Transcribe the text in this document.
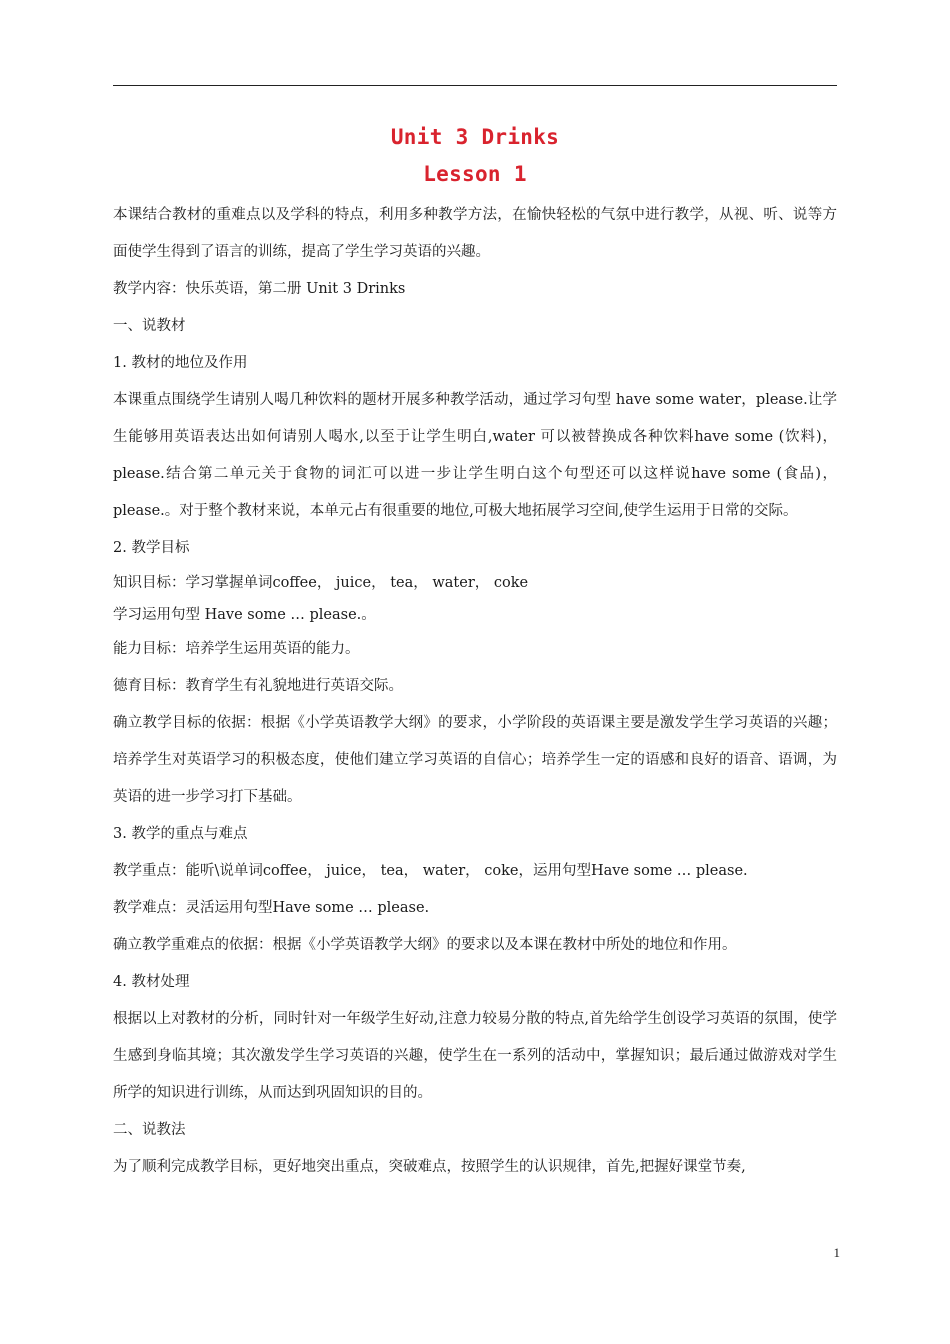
Unit 3 Drinks
Lesson 1

本课结合教材的重难点以及学科的特点，利用多种教学方法，在愉快轻松的气氛中进行教学，从视、听、说等方面使学生得到了语言的训练，提高了学生学习英语的兴趣。

教学内容：快乐英语，第二册 Unit 3 Drinks

一、说教材

1. 教材的地位及作用

本课重点围绕学生请别人喝几种饮料的题材开展多种教学活动，通过学习句型 have some water，please.让学生能够用英语表达出如何请别人喝水,以至于让学生明白,water 可以被替换成各种饮料have some (饮料)，please.结合第二单元关于食物的词汇可以进一步让学生明白这个句型还可以这样说have some (食品)，please.。对于整个教材来说，本单元占有很重要的地位,可极大地拓展学习空间,使学生运用于日常的交际。

2. 教学目标

知识目标：学习掌握单词coffee， juice， tea， water， coke

学习运用句型 Have some … please.。

能力目标：培养学生运用英语的能力。

德育目标：教育学生有礼貌地进行英语交际。

确立教学目标的依据：根据《小学英语教学大纲》的要求，小学阶段的英语课主要是激发学生学习英语的兴趣；培养学生对英语学习的积极态度，使他们建立学习英语的自信心；培养学生一定的语感和良好的语音、语调，为英语的进一步学习打下基础。

3. 教学的重点与难点

教学重点：能听\说单词coffee， juice， tea， water， coke，运用句型Have some … please.

教学难点：灵活运用句型Have some … please.

确立教学重难点的依据：根据《小学英语教学大纲》的要求以及本课在教材中所处的地位和作用。

4. 教材处理

根据以上对教材的分析，同时针对一年级学生好动,注意力较易分散的特点,首先给学生创设学习英语的氛围，使学生感到身临其境；其次激发学生学习英语的兴趣，使学生在一系列的活动中，掌握知识；最后通过做游戏对学生所学的知识进行训练，从而达到巩固知识的目的。

二、说教法

为了顺利完成教学目标，更好地突出重点，突破难点，按照学生的认识规律，首先,把握好课堂节奏,

1
